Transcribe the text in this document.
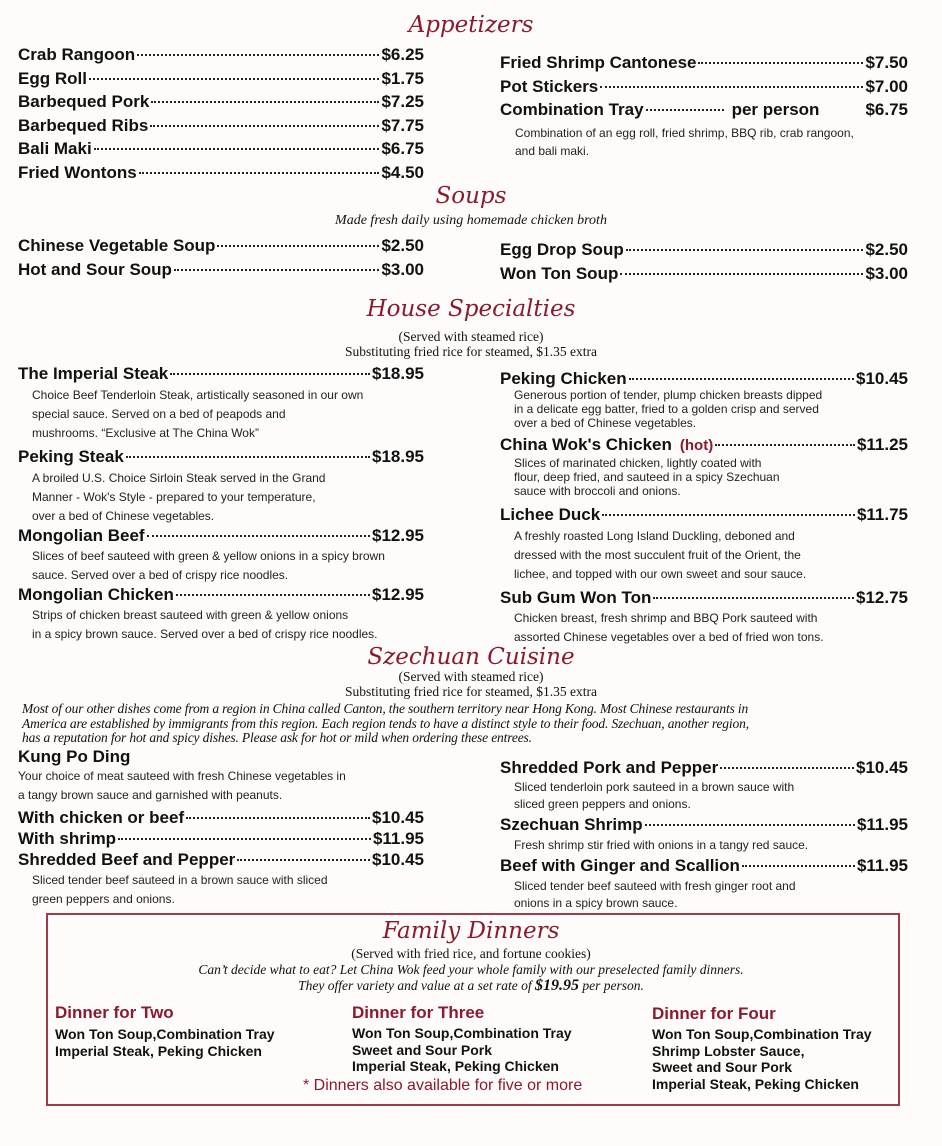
Appetizers
Crab Rangoon	$6.25
Egg Roll	$1.75
Barbequed Pork	$7.25
Barbequed Ribs	$7.75
Bali Maki	$6.75
Fried Wontons	$4.50
Fried Shrimp Cantonese	$7.50
Pot Stickers	$7.00
Combination Tray	per person	$6.75
Combination of an egg roll, fried shrimp, BBQ rib, crab rangoon,
and bali maki.
Soups
Made fresh daily using homemade chicken broth
Chinese Vegetable Soup	$2.50
Hot and Sour Soup	$3.00
Egg Drop Soup	$2.50
Won Ton Soup	$3.00
House Specialties
(Served with steamed rice)
Substituting fried rice for steamed, $1.35 extra
The Imperial Steak	$18.95
Choice Beef Tenderloin Steak, artistically seasoned in our own
special sauce. Served on a bed of peapods and
mushrooms. “Exclusive at The China Wok”
Peking Steak	$18.95
A broiled U.S. Choice Sirloin Steak served in the Grand
Manner - Wok's Style - prepared to your temperature,
over a bed of Chinese vegetables.
Mongolian Beef	$12.95
Slices of beef sauteed with green & yellow onions in a spicy brown
sauce. Served over a bed of crispy rice noodles.
Mongolian Chicken	$12.95
Strips of chicken breast sauteed with green & yellow onions
in a spicy brown sauce. Served over a bed of crispy rice noodles.
Peking Chicken	$10.45
Generous portion of tender, plump chicken breasts dipped
in a delicate egg batter, fried to a golden crisp and served
over a bed of Chinese vegetables.
China Wok's Chicken (hot)	$11.25
Slices of marinated chicken, lightly coated with
flour, deep fried, and sauteed in a spicy Szechuan
sauce with broccoli and onions.
Lichee Duck	$11.75
A freshly roasted Long Island Duckling, deboned and
dressed with the most succulent fruit of the Orient, the
lichee, and topped with our own sweet and sour sauce.
Sub Gum Won Ton	$12.75
Chicken breast, fresh shrimp and BBQ Pork sauteed with
assorted Chinese vegetables over a bed of fried won tons.
Szechuan Cuisine
(Served with steamed rice)
Substituting fried rice for steamed, $1.35 extra
Most of our other dishes come from a region in China called Canton, the southern territory near Hong Kong. Most Chinese restaurants in
America are established by immigrants from this region. Each region tends to have a distinct style to their food. Szechuan, another region,
has a reputation for hot and spicy dishes. Please ask for hot or mild when ordering these entrees.
Kung Po Ding
Your choice of meat sauteed with fresh Chinese vegetables in
a tangy brown sauce and garnished with peanuts.
With chicken or beef	$10.45
With shrimp	$11.95
Shredded Beef and Pepper	$10.45
Sliced tender beef sauteed in a brown sauce with sliced
green peppers and onions.
Shredded Pork and Pepper	$10.45
Sliced tenderloin pork sauteed in a brown sauce with
sliced green peppers and onions.
Szechuan Shrimp	$11.95
Fresh shrimp stir fried with onions in a tangy red sauce.
Beef with Ginger and Scallion	$11.95
Sliced tender beef sauteed with fresh ginger root and
onions in a spicy brown sauce.
Family Dinners
(Served with fried rice, and fortune cookies)
Can’t decide what to eat? Let China Wok feed your whole family with our preselected family dinners.
They offer variety and value at a set rate of $19.95 per person.
Dinner for Two
Won Ton Soup,Combination Tray
Imperial Steak, Peking Chicken
Dinner for Three
Won Ton Soup,Combination Tray
Sweet and Sour Pork
Imperial Steak, Peking Chicken
Dinner for Four
Won Ton Soup,Combination Tray
Shrimp Lobster Sauce,
Sweet and Sour Pork
Imperial Steak, Peking Chicken
* Dinners also available for five or more
